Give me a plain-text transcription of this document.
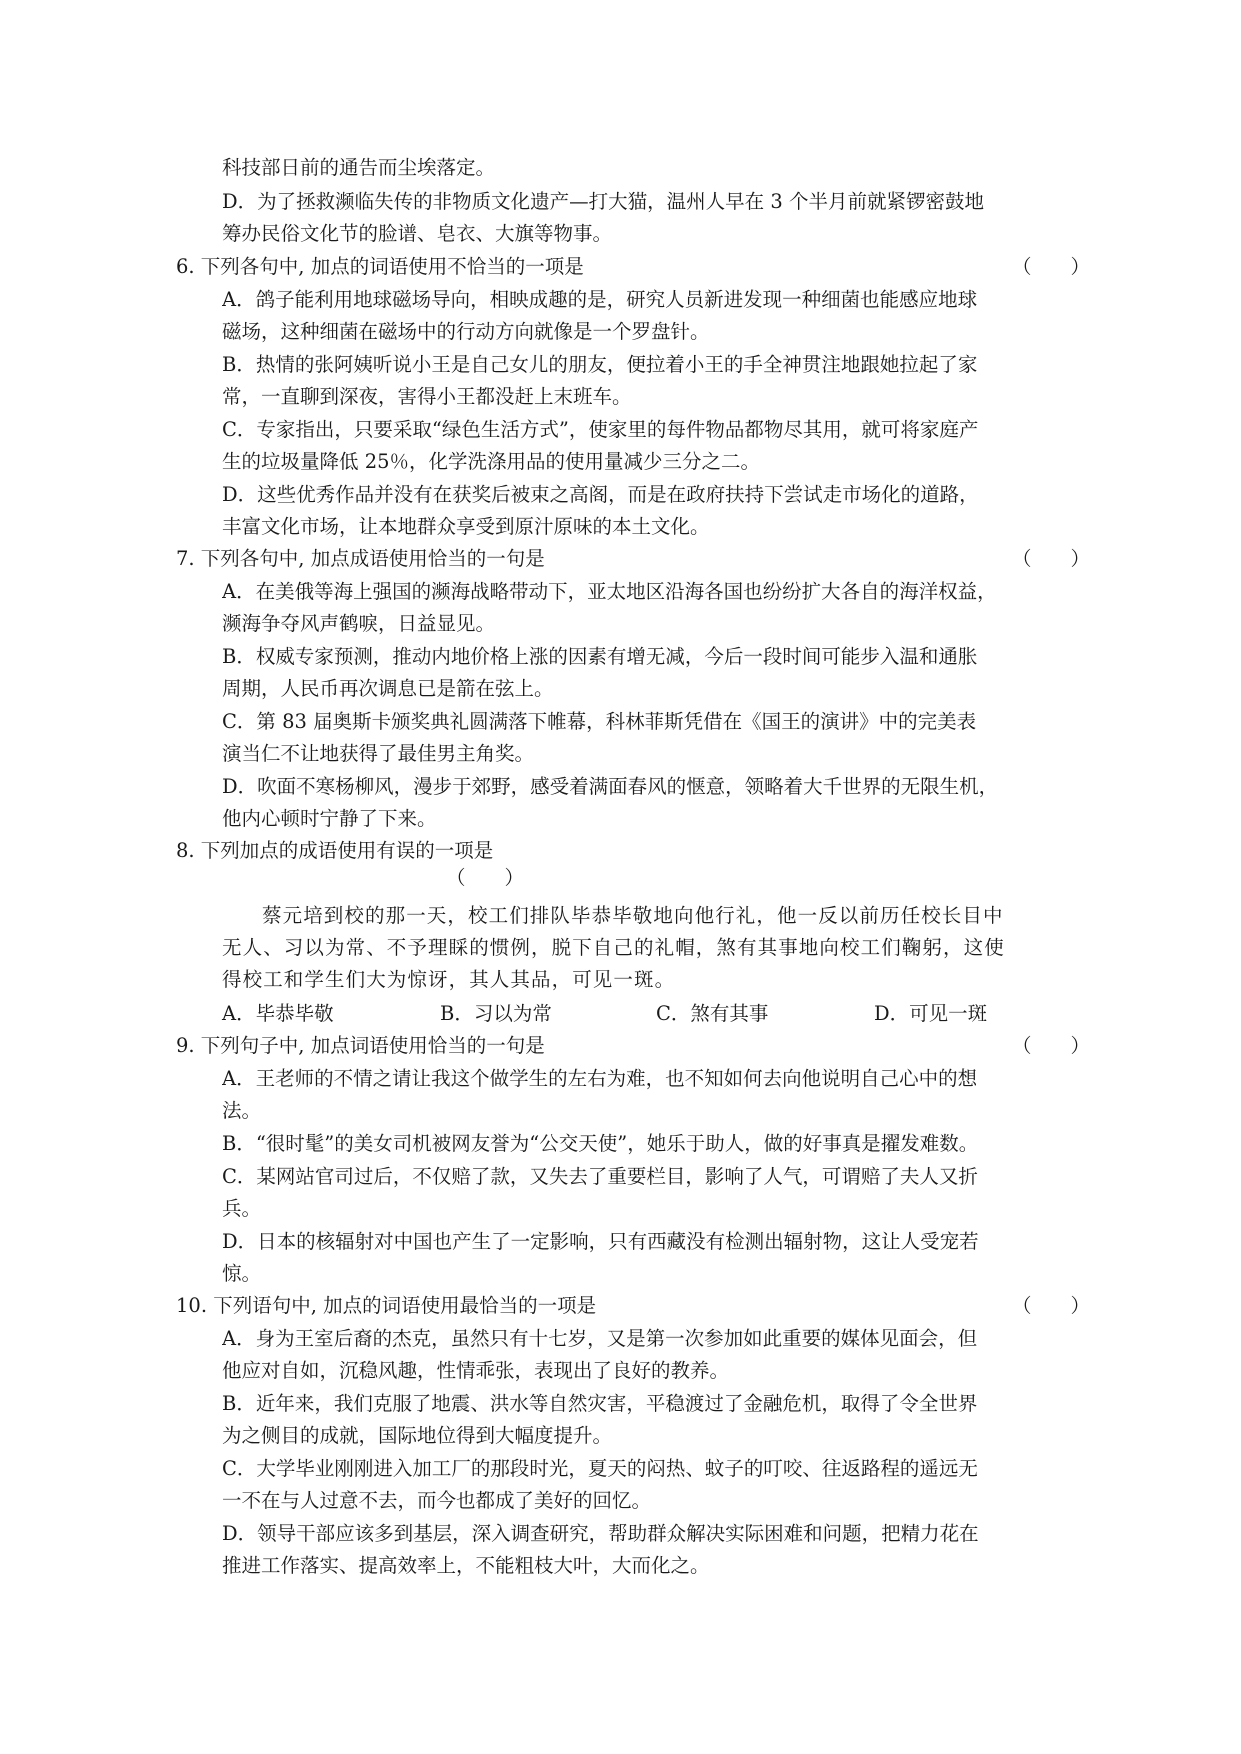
科技部日前的通告而尘埃落定。
D．为了拯救濒临失传的非物质文化遗产—打大猫，温州人早在 3 个半月前就紧锣密鼓地
筹办民俗文化节的脸谱、皂衣、大旗等物事。
6. 下列各句中, 加点的词语使用不恰当的一项是	（　　）
A．鸽子能利用地球磁场导向，相映成趣的是，研究人员新进发现一种细菌也能感应地球
磁场，这种细菌在磁场中的行动方向就像是一个罗盘针。
B．热情的张阿姨听说小王是自己女儿的朋友，便拉着小王的手全神贯注地跟她拉起了家
常，一直聊到深夜，害得小王都没赶上末班车。
C．专家指出，只要采取“绿色生活方式”，使家里的每件物品都物尽其用，就可将家庭产
生的垃圾量降低 25％，化学洗涤用品的使用量减少三分之二。
D．这些优秀作品并没有在获奖后被束之高阁，而是在政府扶持下尝试走市场化的道路，
丰富文化市场，让本地群众享受到原汁原味的本土文化。
7. 下列各句中, 加点成语使用恰当的一句是	（　　）
A．在美俄等海上强国的濒海战略带动下，亚太地区沿海各国也纷纷扩大各自的海洋权益，
濒海争夺风声鹤唳，日益显见。
B．权威专家预测，推动内地价格上涨的因素有增无减，今后一段时间可能步入温和通胀
周期，人民币再次调息已是箭在弦上。
C．第 83 届奥斯卡颁奖典礼圆满落下帷幕，科林菲斯凭借在《国王的演讲》中的完美表
演当仁不让地获得了最佳男主角奖。
D．吹面不寒杨柳风，漫步于郊野，感受着满面春风的惬意，领略着大千世界的无限生机，
他内心顿时宁静了下来。
8. 下列加点的成语使用有误的一项是
（　　）
蔡元培到校的那一天，校工们排队毕恭毕敬地向他行礼，他一反以前历任校长目中
无人、习以为常、不予理睬的惯例，脱下自己的礼帽，煞有其事地向校工们鞠躬，这使
得校工和学生们大为惊讶，其人其品，可见一斑。
A．毕恭毕敬	B．习以为常	C．煞有其事	D．可见一斑
9. 下列句子中, 加点词语使用恰当的一句是	（　　）
A．王老师的不情之请让我这个做学生的左右为难，也不知如何去向他说明自己心中的想
法。
B．“很时髦”的美女司机被网友誉为“公交天使”，她乐于助人，做的好事真是擢发难数。
C．某网站官司过后，不仅赔了款，又失去了重要栏目，影响了人气，可谓赔了夫人又折
兵。
D．日本的核辐射对中国也产生了一定影响，只有西藏没有检测出辐射物，这让人受宠若
惊。
10. 下列语句中, 加点的词语使用最恰当的一项是	（　　）
A．身为王室后裔的杰克，虽然只有十七岁，又是第一次参加如此重要的媒体见面会，但
他应对自如，沉稳风趣，性情乖张，表现出了良好的教养。
B．近年来，我们克服了地震、洪水等自然灾害，平稳渡过了金融危机，取得了令全世界
为之侧目的成就，国际地位得到大幅度提升。
C．大学毕业刚刚进入加工厂的那段时光，夏天的闷热、蚊子的叮咬、往返路程的遥远无
一不在与人过意不去，而今也都成了美好的回忆。
D．领导干部应该多到基层，深入调查研究，帮助群众解决实际困难和问题，把精力花在
推进工作落实、提高效率上，不能粗枝大叶，大而化之。
